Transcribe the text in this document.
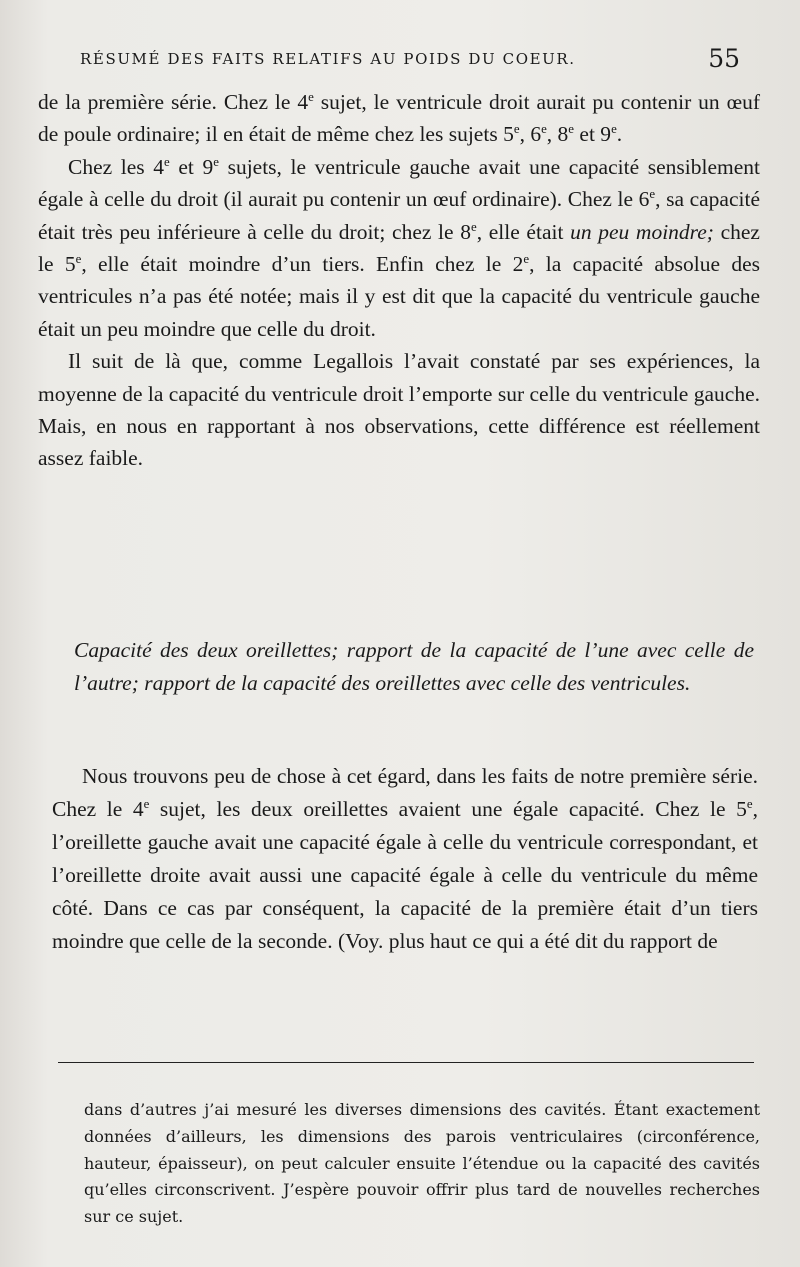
RÉSUMÉ DES FAITS RELATIFS AU POIDS DU COEUR.	55

de la première série. Chez le 4e sujet, le ventricule droit aurait pu contenir un œuf de poule ordinaire; il en était de même chez les sujets 5e, 6e, 8e et 9e.

Chez les 4e et 9e sujets, le ventricule gauche avait une capacité sensiblement égale à celle du droit (il aurait pu contenir un œuf ordinaire). Chez le 6e, sa capacité était très peu inférieure à celle du droit; chez le 8e, elle était un peu moindre; chez le 5e, elle était moindre d’un tiers. Enfin chez le 2e, la capacité absolue des ventricules n’a pas été notée; mais il y est dit que la capacité du ventricule gauche était un peu moindre que celle du droit.

Il suit de là que, comme Legallois l’avait constaté par ses expériences, la moyenne de la capacité du ventricule droit l’emporte sur celle du ventricule gauche. Mais, en nous en rapportant à nos observations, cette différence est réellement assez faible.

Capacité des deux oreillettes; rapport de la capacité de l’une avec celle de l’autre; rapport de la capacité des oreillettes avec celle des ventricules.

Nous trouvons peu de chose à cet égard, dans les faits de notre première série. Chez le 4e sujet, les deux oreillettes avaient une égale capacité. Chez le 5e, l’oreillette gauche avait une capacité égale à celle du ventricule correspondant, et l’oreillette droite avait aussi une capacité égale à celle du ventricule du même côté. Dans ce cas par conséquent, la capacité de la première était d’un tiers moindre que celle de la seconde. (Voy. plus haut ce qui a été dit du rapport de

dans d’autres j’ai mesuré les diverses dimensions des cavités. Étant exactement données d’ailleurs, les dimensions des parois ventriculaires (circonférence, hauteur, épaisseur), on peut calculer ensuite l’étendue ou la capacité des cavités qu’elles circonscrivent. J’espère pouvoir offrir plus tard de nouvelles recherches sur ce sujet.
